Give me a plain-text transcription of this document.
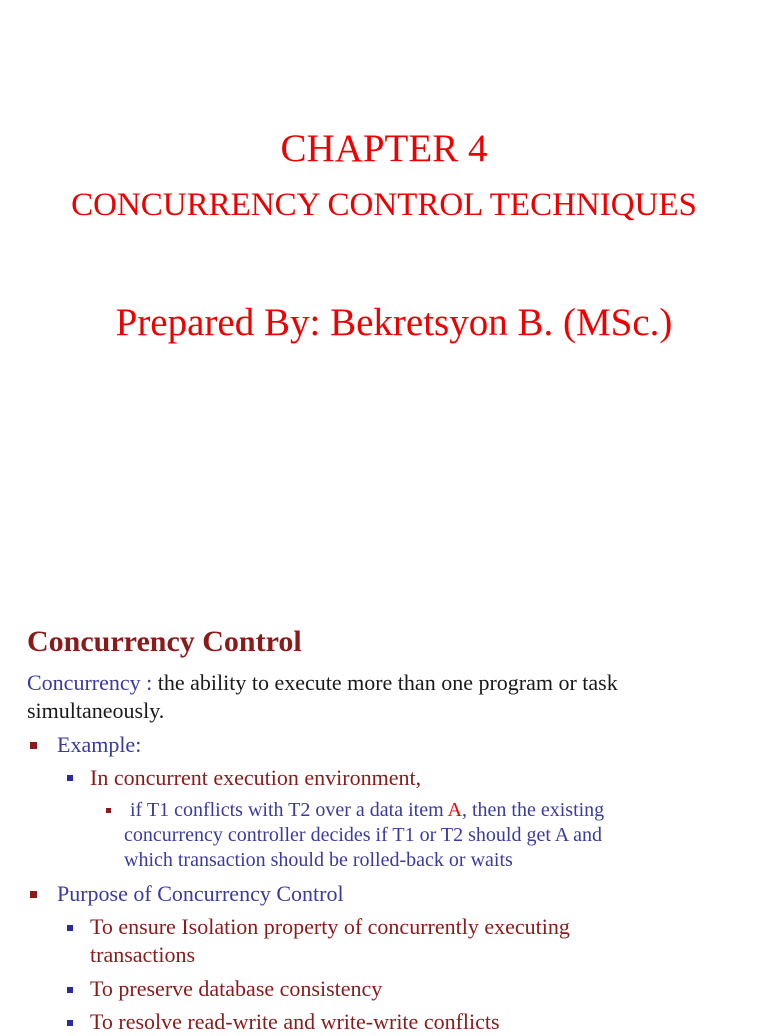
CHAPTER 4
CONCURRENCY CONTROL TECHNIQUES
Prepared By: Bekretsyon B. (MSc.)
Concurrency Control
Concurrency : the ability to execute more than one program or task
simultaneously.
Example:
In concurrent execution environment,
if T1 conflicts with T2 over a data item A, then the existing
concurrency controller decides if T1 or T2 should get A and
which transaction should be rolled-back or waits
Purpose of Concurrency Control
To ensure Isolation property of concurrently executing
transactions
To preserve database consistency
To resolve read-write and write-write conflicts
